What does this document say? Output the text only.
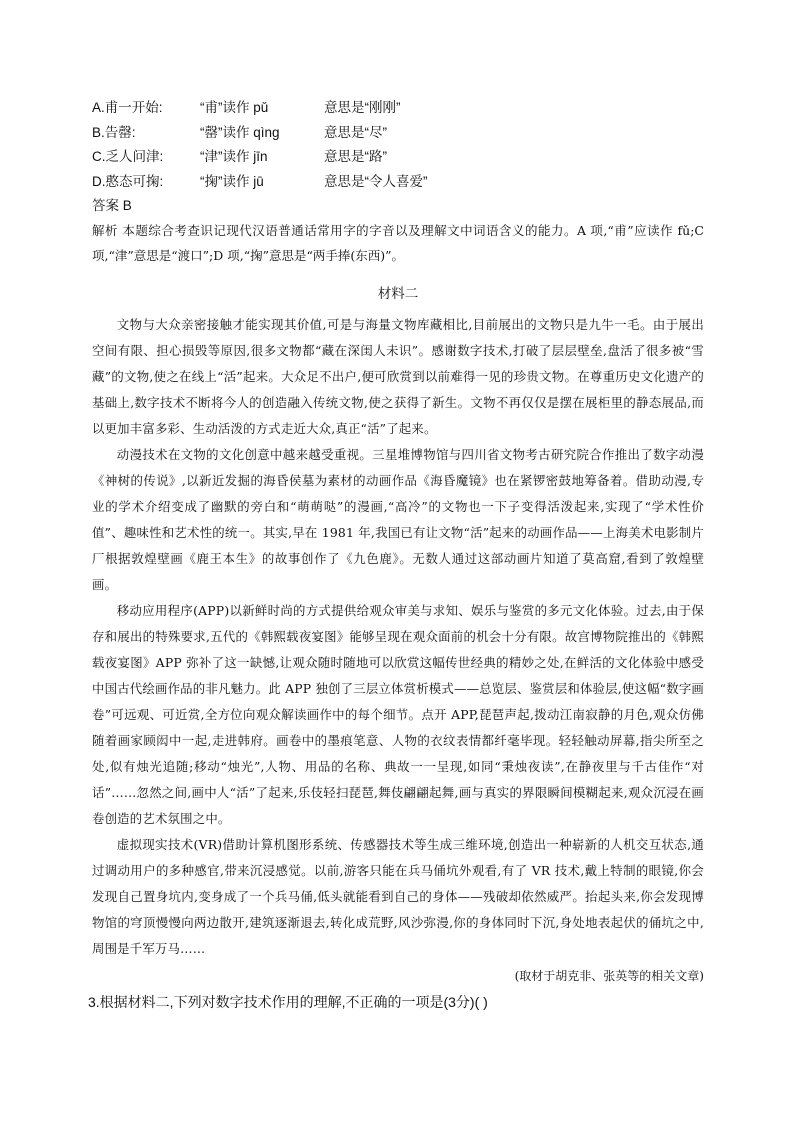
A.甫一开始:	“甫”读作 pǔ	意思是“刚刚”
B.告罄:	“罄”读作 qìng	意思是“尽”
C.乏人问津:	“津”读作 jīn	意思是“路”
D.憨态可掬:	“掬”读作 jū	意思是“令人喜爱”
答案 B

解析 本题综合考查识记现代汉语普通话常用字的字音以及理解文中词语含义的能力。A 项,“甫”应读作 fǔ;C 项,“津”意思是“渡口”;D 项,“掬”意思是“两手捧(东西)”。

材料二

文物与大众亲密接触才能实现其价值,可是与海量文物库藏相比,目前展出的文物只是九牛一毛。由于展出空间有限、担心损毁等原因,很多文物都“藏在深闺人未识”。感谢数字技术,打破了层层壁垒,盘活了很多被“雪藏”的文物,使之在线上“活”起来。大众足不出户,便可欣赏到以前难得一见的珍贵文物。在尊重历史文化遗产的基础上,数字技术不断将今人的创造融入传统文物,使之获得了新生。文物不再仅仅是摆在展柜里的静态展品,而以更加丰富多彩、生动活泼的方式走近大众,真正“活”了起来。

动漫技术在文物的文化创意中越来越受重视。三星堆博物馆与四川省文物考古研究院合作推出了数字动漫《神树的传说》,以新近发掘的海昏侯墓为素材的动画作品《海昏魔镜》也在紧锣密鼓地筹备着。借助动漫,专业的学术介绍变成了幽默的旁白和“萌萌哒”的漫画,“高冷”的文物也一下子变得活泼起来,实现了“学术性价值”、趣味性和艺术性的统一。其实,早在 1981 年,我国已有让文物“活”起来的动画作品——上海美术电影制片厂根据敦煌壁画《鹿王本生》的故事创作了《九色鹿》。无数人通过这部动画片知道了莫高窟,看到了敦煌壁画。

移动应用程序(APP)以新鲜时尚的方式提供给观众审美与求知、娱乐与鉴赏的多元文化体验。过去,由于保存和展出的特殊要求,五代的《韩熙载夜宴图》能够呈现在观众面前的机会十分有限。故宫博物院推出的《韩熙载夜宴图》APP 弥补了这一缺憾,让观众随时随地可以欣赏这幅传世经典的精妙之处,在鲜活的文化体验中感受中国古代绘画作品的非凡魅力。此 APP 独创了三层立体赏析模式——总览层、鉴赏层和体验层,使这幅“数字画卷”可远观、可近赏,全方位向观众解读画作中的每个细节。点开 APP,琵琶声起,拨动江南寂静的月色,观众仿佛随着画家顾闳中一起,走进韩府。画卷中的墨痕笔意、人物的衣纹表情都纤毫毕现。轻轻触动屏幕,指尖所至之处,似有烛光追随;移动“烛光”,人物、用品的名称、典故一一呈现,如同“秉烛夜读”,在静夜里与千古佳作“对话”……忽然之间,画中人“活”了起来,乐伎轻扫琵琶,舞伎翩翩起舞,画与真实的界限瞬间模糊起来,观众沉浸在画卷创造的艺术氛围之中。

虚拟现实技术(VR)借助计算机图形系统、传感器技术等生成三维环境,创造出一种崭新的人机交互状态,通过调动用户的多种感官,带来沉浸感觉。以前,游客只能在兵马俑坑外观看,有了 VR 技术,戴上特制的眼镜,你会发现自己置身坑内,变身成了一个兵马俑,低头就能看到自己的身体——残破却依然威严。抬起头来,你会发现博物馆的穹顶慢慢向两边散开,建筑逐渐退去,转化成荒野,风沙弥漫,你的身体同时下沉,身处地表起伏的俑坑之中,周围是千军万马……

(取材于胡克非、张英等的相关文章)

3.根据材料二,下列对数字技术作用的理解,不正确的一项是(3分)( )
